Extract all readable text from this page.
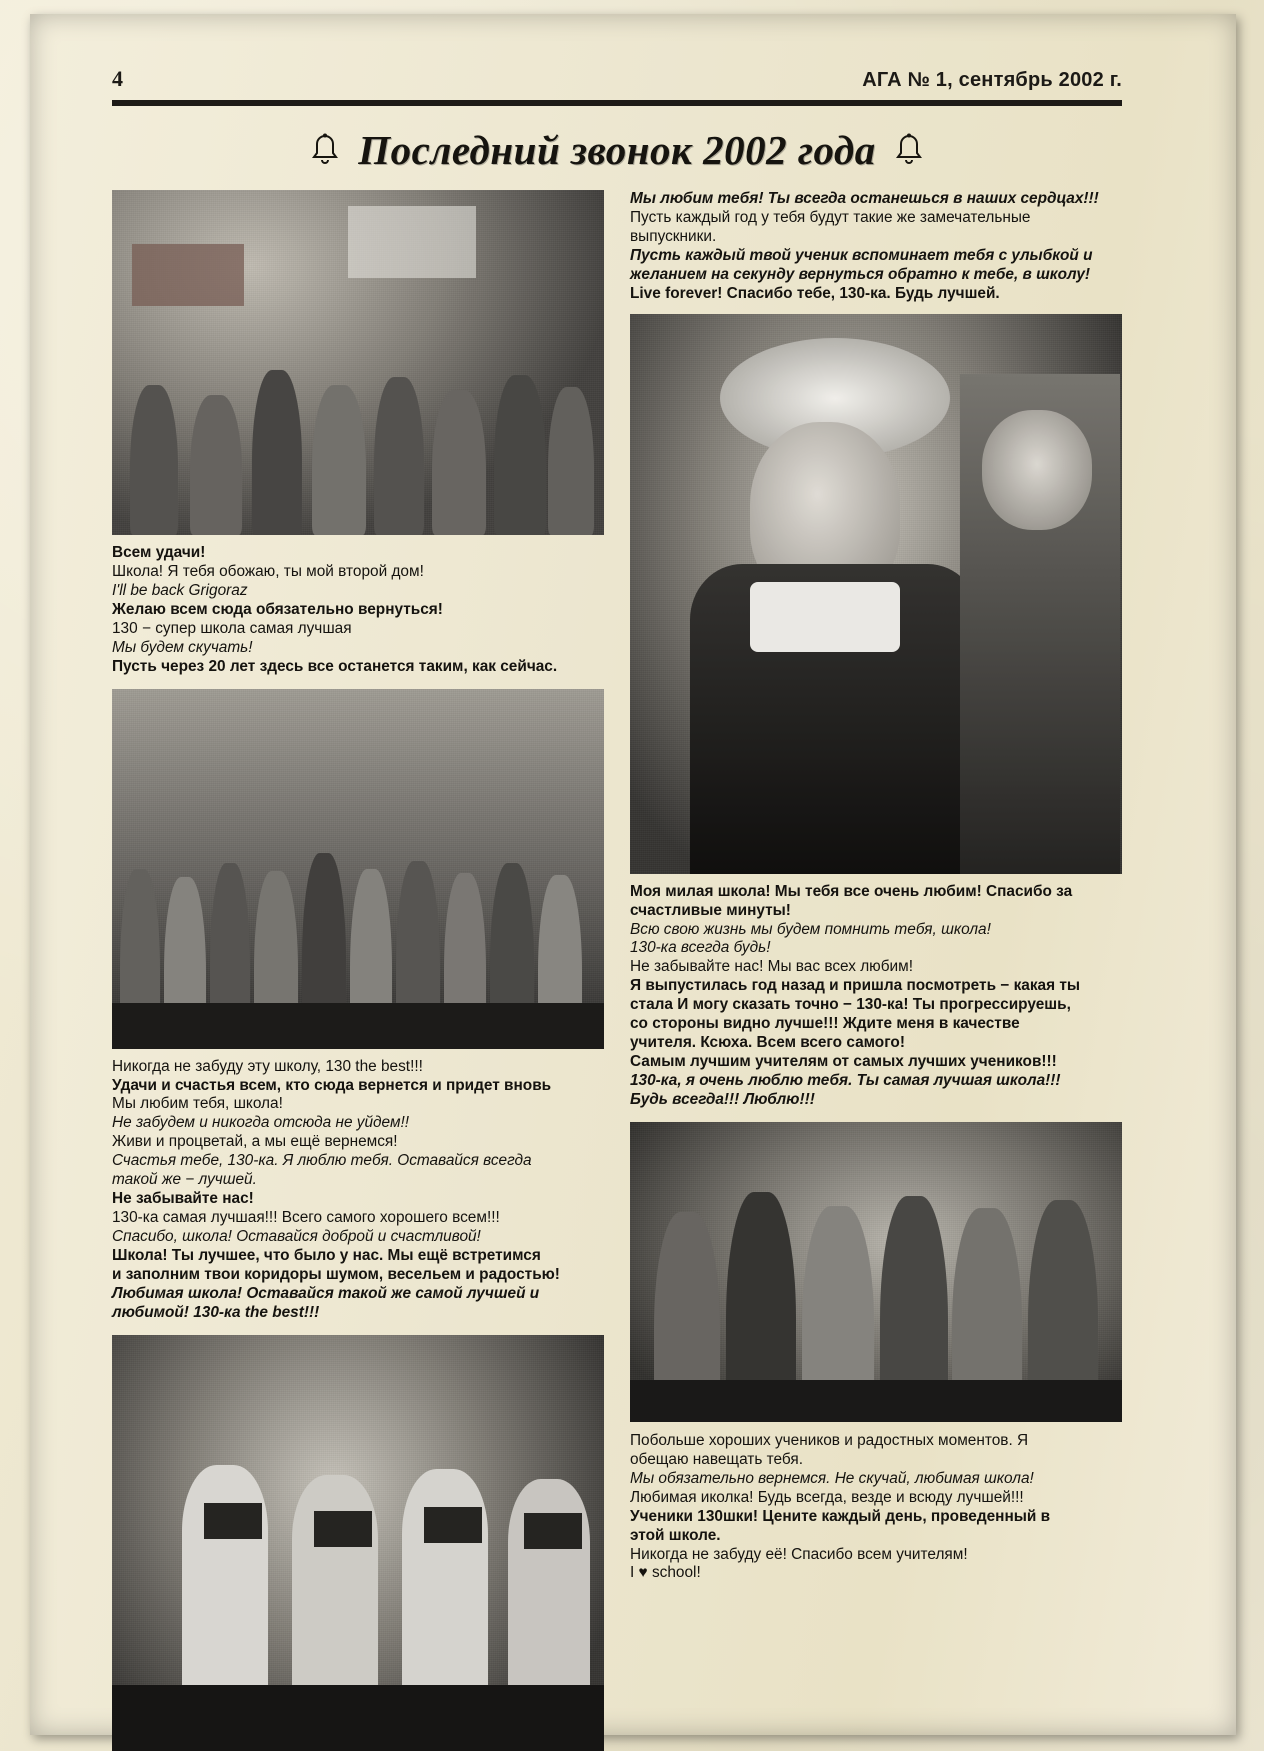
4	АГА № 1, сентябрь 2002 г.
Последний звонок 2002 года
Всем удачи!
Школа! Я тебя обожаю, ты мой второй дом!
I'll be back Grigoraz
Желаю всем сюда обязательно вернуться!
130 − супер школа самая лучшая
Мы будем скучать!
Пусть через 20 лет здесь все останется таким, как сейчас.
Никогда не забуду эту школу, 130 the best!!!
Удачи и счастья всем, кто сюда вернется и придет вновь
Мы любим тебя, школа!
Не забудем и никогда отсюда не уйдем!!
Живи и процветай, а мы ещё вернемся!
Счастья тебе, 130-ка. Я люблю тебя. Оставайся всегда
такой же − лучшей.
Не забывайте нас!
130-ка самая лучшая!!! Всего самого хорошего всем!!!
Спасибо, школа! Оставайся доброй и счастливой!
Школа! Ты лучшее, что было у нас. Мы ещё встретимся
и заполним твои коридоры шумом, весельем и радостью!
Любимая школа! Оставайся такой же самой лучшей и
любимой! 130-ка the best!!!
Мы любим тебя! Ты всегда останешься в наших сердцах!!!
Пусть каждый год у тебя будут такие же замечательные
выпускники.
Пусть каждый твой ученик вспоминает тебя с улыбкой и
желанием на секунду вернуться обратно к тебе, в школу!
Live forever! Спасибо тебе, 130-ка. Будь лучшей.
Моя милая школа! Мы тебя все очень любим! Спасибо за
счастливые минуты!
Всю свою жизнь мы будем помнить тебя, школа!
130-ка всегда будь!
Не забывайте нас! Мы вас всех любим!
Я выпустилась год назад и пришла посмотреть − какая ты
стала И могу сказать точно − 130-ка! Ты прогрессируешь,
со стороны видно лучше!!! Ждите меня в качестве
учителя. Ксюха. Всем всего самого!
Самым лучшим учителям от самых лучших учеников!!!
130-ка, я очень люблю тебя. Ты самая лучшая школа!!!
Будь всегда!!! Люблю!!!
Побольше хороших учеников и радостных моментов. Я
обещаю навещать тебя.
Мы обязательно вернемся. Не скучай, любимая школа!
Любимая иколка! Будь всегда, везде и всюду лучшей!!!
Ученики 130шки! Цените каждый день, проведенный в
этой школе.
Никогда не забуду её! Спасибо всем учителям!
I ♥ school!
